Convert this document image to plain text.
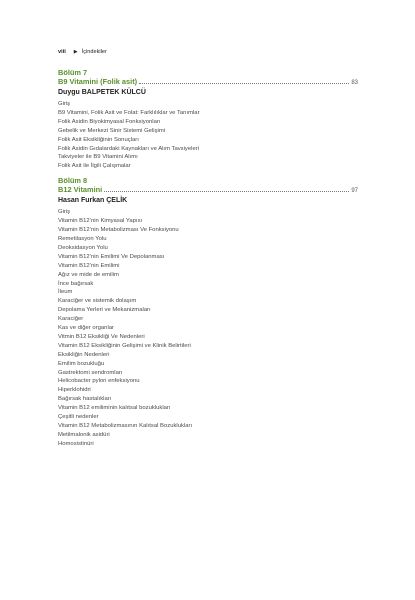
viii ▶ İçindekiler
Bölüm 7
B9 Vitamini (Folik asit)	83
Duygu BALPETEK KÜLCÜ
Giriş
B9 Vitamini, Folik Asit ve Folat: Farklılıklar ve Tanımlar
Folik Asidin Biyokimyasal Fonksiyonları
Gebelik ve Merkezi Sinir Sistemi Gelişimi
Folik Asit Eksikliğinin Sonuçları
Folik Asidin Gıdalardaki Kaynakları ve Alım Tavsiyeleri
Takviyeler ile B9 Vitamini Alımı
Folik Asit ile İlgili Çalışmalar
Bölüm 8
B12 Vitamini	97
Hasan Furkan ÇELİK
Giriş
Vitamin B12’nin Kimyasal Yapısı
Vitamin B12’nin Metabolizması Ve Fonksiyonu
Remetilasyon Yolu
Deoksidasyon Yolu
Vitamin B12’nin Emilimi Ve Depolanması
Vitamin B12’nin Emilimi
Ağız ve mide de emilim
İnce bağırsak
İleum
Karaciğer ve sistemik dolaşım
Depolama Yerleri ve Mekanizmaları
Karaciğer
Kas ve diğer organlar
Vitmin B12 Eksikliği Ve Nedenleri
Vitamin B12 Eksikliğinin Gelişimi ve Klinik Belirtileri
Eksikliğin Nedenleri
Emilim bozukluğu
Gastrektomi sendromları
Helicobacter pylori enfeksiyonu
Hiperklohidri
Bağırsak hastalıkları
Vitamin B12 emiliminin kalıtsal bozuklukları
Çeşitli nedenler
Vitamin B12 Metabolizmasının Kalıtsal Bozuklukları
Metilmalonik asidüri
Homosistinüri
